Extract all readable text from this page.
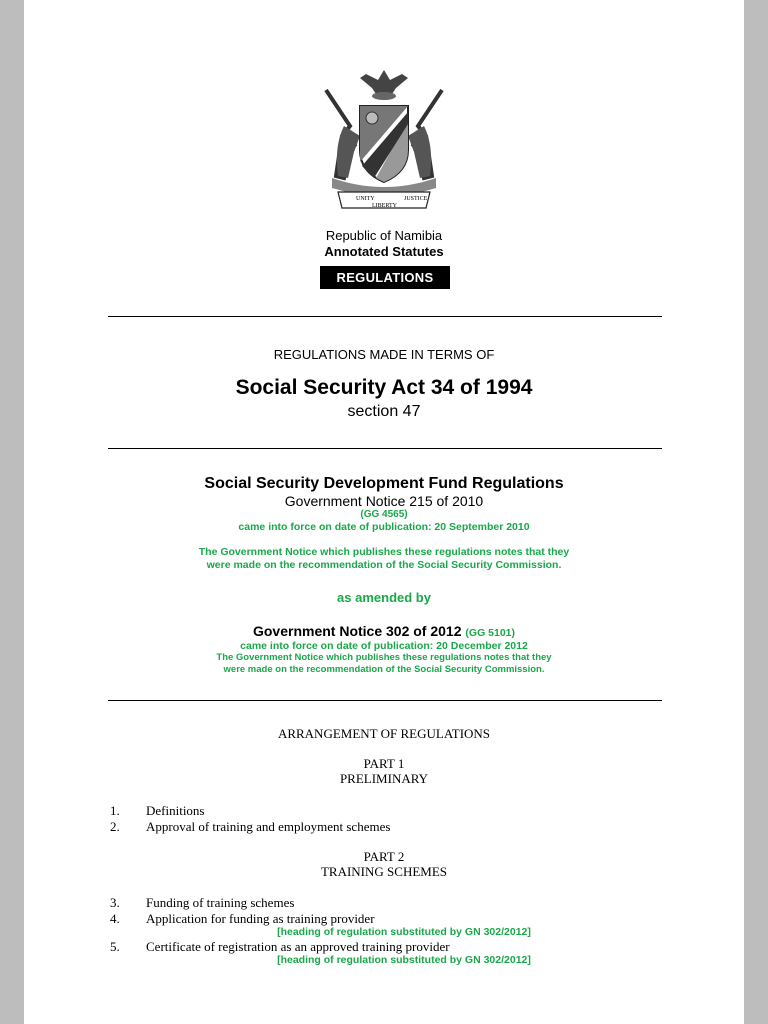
UNITY	JUSTICE
LIBERTY
Republic of Namibia
Annotated Statutes
REGULATIONS
REGULATIONS MADE IN TERMS OF
Social Security Act 34 of 1994
section 47
Social Security Development Fund Regulations
Government Notice 215 of 2010
(GG 4565)
came into force on date of publication: 20 September 2010
The Government Notice which publishes these regulations notes that they
were made on the recommendation of the Social Security Commission.
as amended by
Government Notice 302 of 2012 (GG 5101)
came into force on date of publication: 20 December 2012
The Government Notice which publishes these regulations notes that they
were made on the recommendation of the Social Security Commission.
ARRANGEMENT OF REGULATIONS
PART 1
PRELIMINARY
1. Definitions
2. Approval of training and employment schemes
PART 2
TRAINING SCHEMES
3. Funding of training schemes
4. Application for funding as training provider
[heading of regulation substituted by GN 302/2012]
5. Certificate of registration as an approved training provider
[heading of regulation substituted by GN 302/2012]
